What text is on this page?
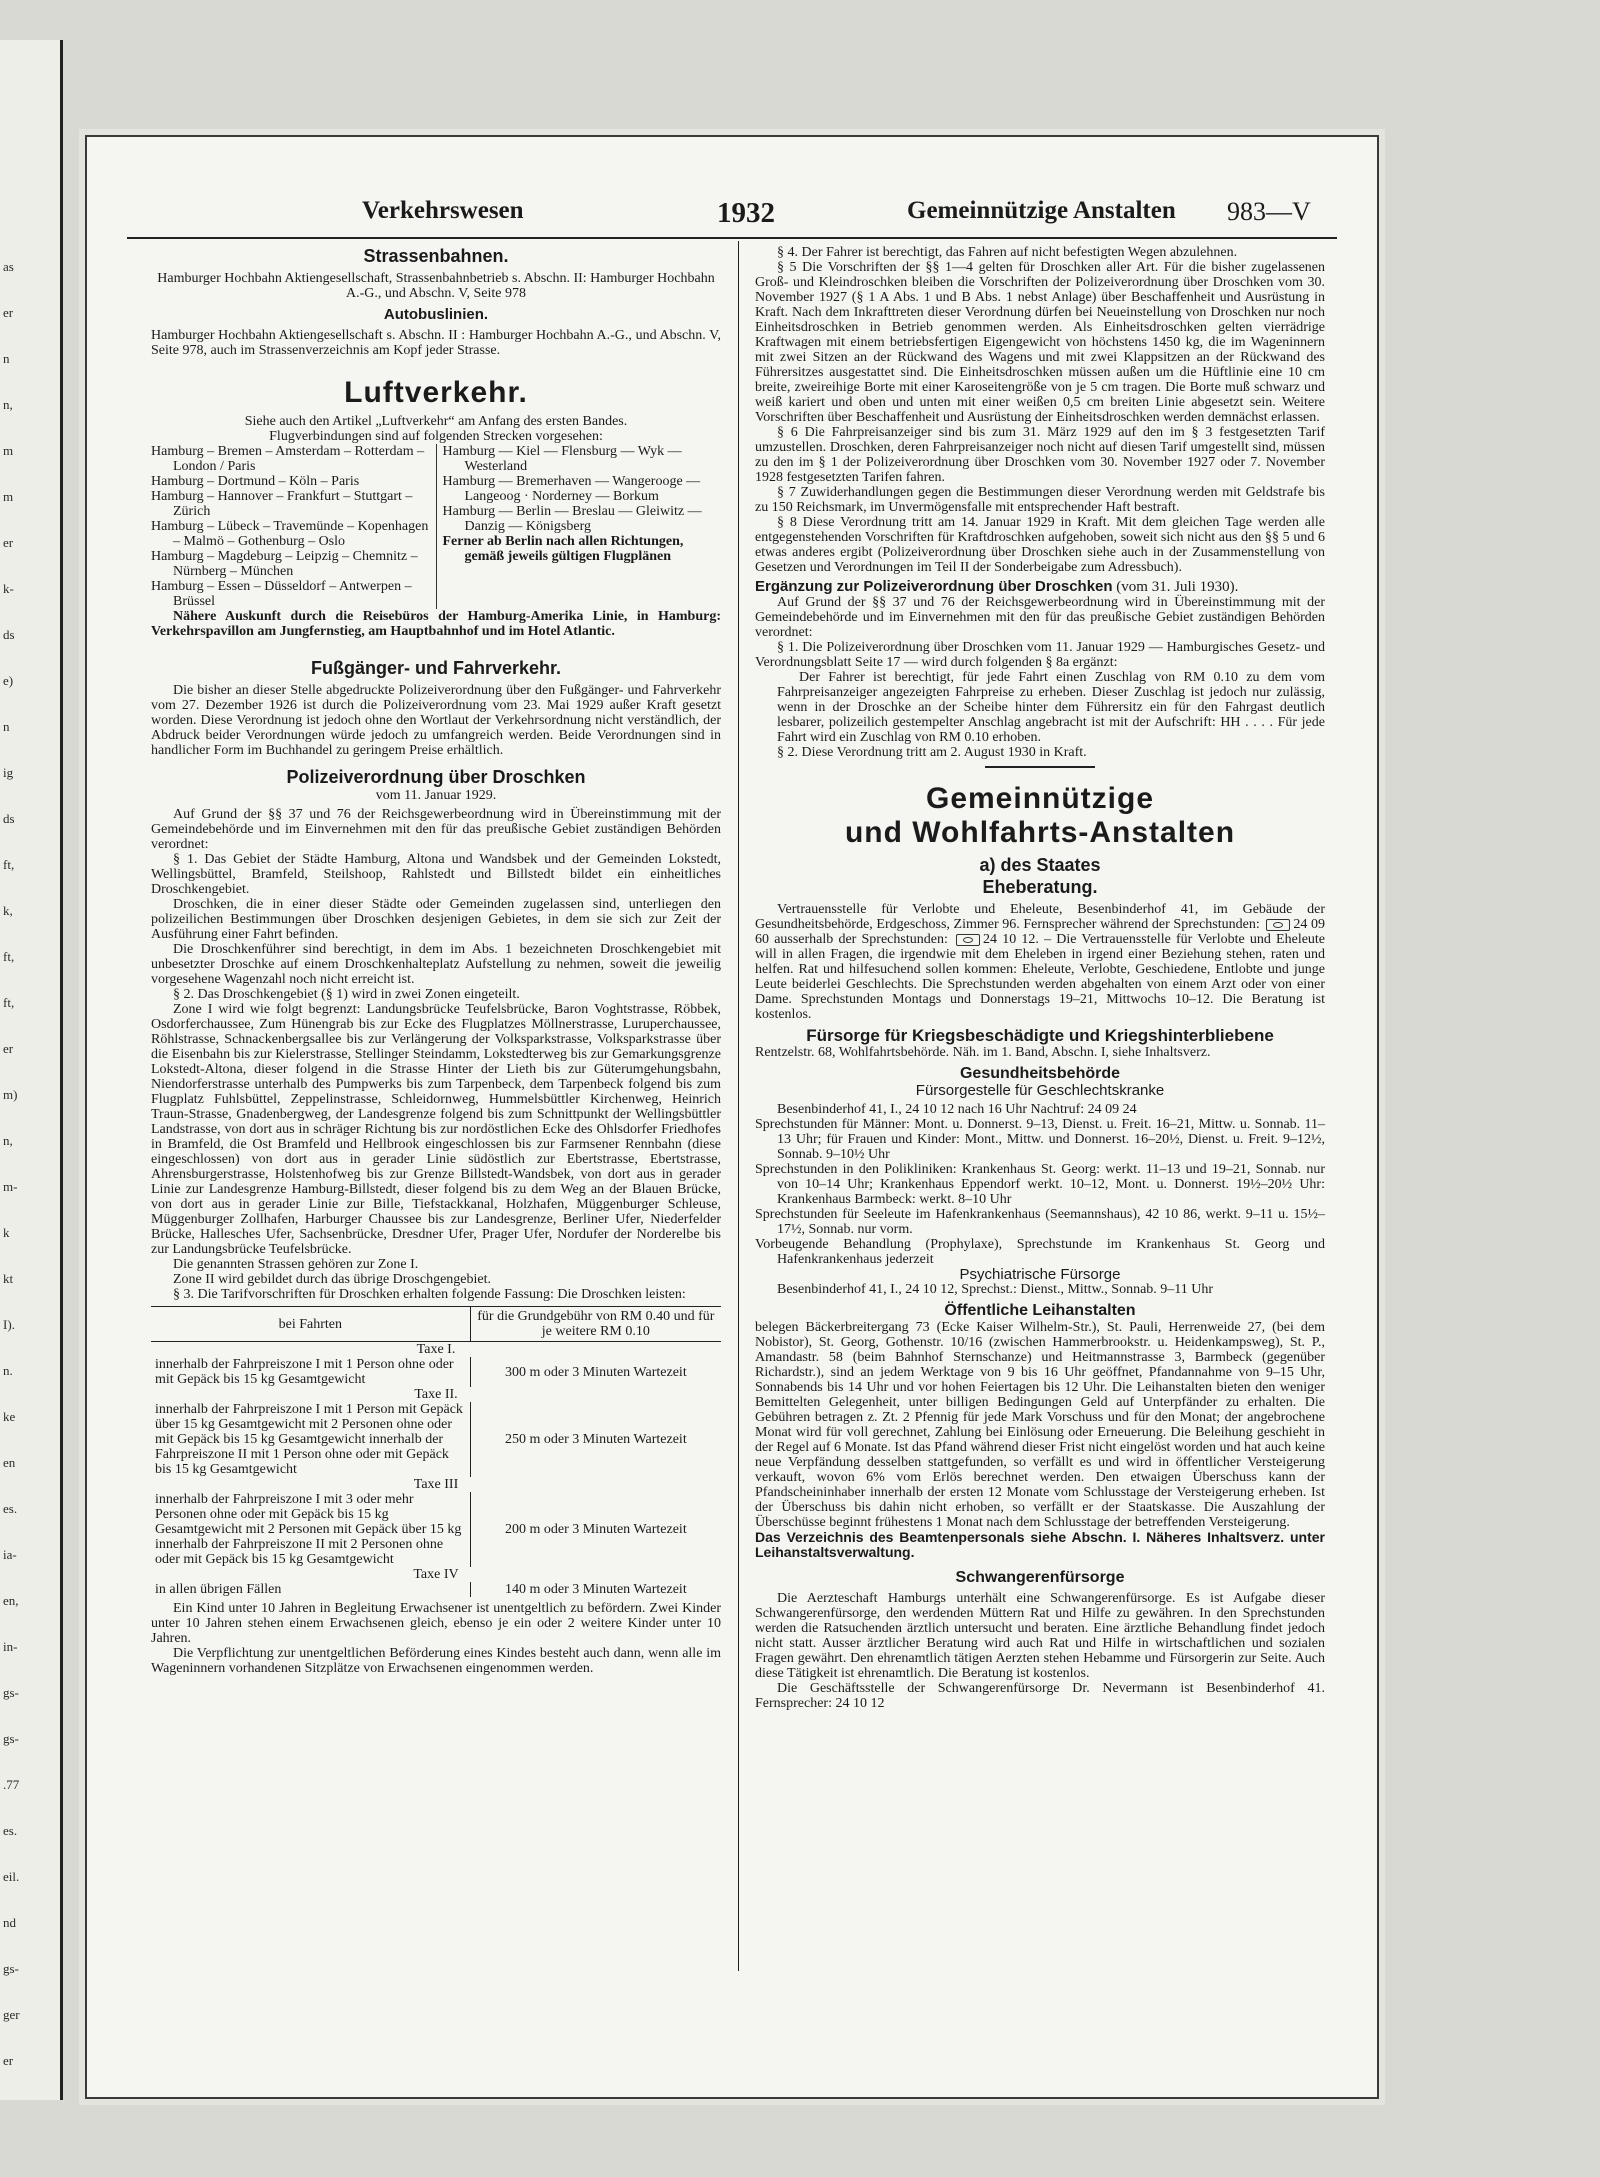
as
er
n
n,
m
m
er
k-
ds
e)
n
ig
ds
ft,
k,
ft,
ft,
er
m)
n,
m-
k
kt
I).
n.
ke
en
es.
ia-
en,
in-
gs-
gs-
.77
es.
eil.
nd
gs-
ger
er
Verkehrswesen	1932	Gemeinnützige Anstalten 983—V
Strassenbahnen.
Hamburger Hochbahn Aktiengesellschaft, Strassenbahnbetrieb s. Abschn. II: Hamburger Hochbahn A.-G., und Abschn. V, Seite 978
Autobuslinien.
Hamburger Hochbahn Aktiengesellschaft s. Abschn. II : Hamburger Hochbahn A.-G., und Abschn. V, Seite 978, auch im Strassenverzeichnis am Kopf jeder Strasse.
Luftverkehr.
Siehe auch den Artikel „Luftverkehr“ am Anfang des ersten Bandes.
Flugverbindungen sind auf folgenden Strecken vorgesehen:
Hamburg – Bremen – Amsterdam – Rotterdam – London / Paris
Hamburg – Dortmund – Köln – Paris
Hamburg – Hannover – Frankfurt – Stuttgart – Zürich
Hamburg – Lübeck – Travemünde – Kopenhagen – Malmö – Gothenburg – Oslo
Hamburg – Magdeburg – Leipzig – Chemnitz – Nürnberg – München
Hamburg – Essen – Düsseldorf – Antwerpen – Brüssel
Hamburg — Kiel — Flensburg — Wyk — Westerland
Hamburg — Bremerhaven — Wangerooge — Langeoog · Norderney — Borkum
Hamburg — Berlin — Breslau — Gleiwitz — Danzig — Königsberg
Ferner ab Berlin nach allen Richtungen, gemäß jeweils gültigen Flugplänen
Nähere Auskunft durch die Reisebüros der Hamburg-Amerika Linie, in Hamburg: Verkehrspavillon am Jungfernstieg, am Hauptbahnhof und im Hotel Atlantic.
Fußgänger- und Fahrverkehr.
Die bisher an dieser Stelle abgedruckte Polizeiverordnung über den Fußgänger- und Fahrverkehr vom 27. Dezember 1926 ist durch die Polizeiverordnung vom 23. Mai 1929 außer Kraft gesetzt worden. Diese Verordnung ist jedoch ohne den Wortlaut der Verkehrsordnung nicht verständlich, der Abdruck beider Verordnungen würde jedoch zu umfangreich werden. Beide Verordnungen sind in handlicher Form im Buchhandel zu geringem Preise erhältlich.
Polizeiverordnung über Droschken
vom 11. Januar 1929.
Auf Grund der §§ 37 und 76 der Reichsgewerbeordnung wird in Übereinstimmung mit der Gemeindebehörde und im Einvernehmen mit den für das preußische Gebiet zuständigen Behörden verordnet:
§ 1. Das Gebiet der Städte Hamburg, Altona und Wandsbek und der Gemeinden Lokstedt, Wellingsbüttel, Bramfeld, Steilshoop, Rahlstedt und Billstedt bildet ein einheitliches Droschkengebiet.
Droschken, die in einer dieser Städte oder Gemeinden zugelassen sind, unterliegen den polizeilichen Bestimmungen über Droschken desjenigen Gebietes, in dem sie sich zur Zeit der Ausführung einer Fahrt befinden.
Die Droschkenführer sind berechtigt, in dem im Abs. 1 bezeichneten Droschkengebiet mit unbesetzter Droschke auf einem Droschkenhalteplatz Aufstellung zu nehmen, soweit die jeweilig vorgesehene Wagenzahl noch nicht erreicht ist.
§ 2. Das Droschkengebiet (§ 1) wird in zwei Zonen eingeteilt.
Zone I wird wie folgt begrenzt: Landungsbrücke Teufelsbrücke, Baron Voghtstrasse, Röbbek, Osdorferchaussee, Zum Hünengrab bis zur Ecke des Flugplatzes Möllnerstrasse, Luruperchaussee, Röhlstrasse, Schnackenbergsallee bis zur Verlängerung der Volksparkstrasse, Volksparkstrasse über die Eisenbahn bis zur Kielerstrasse, Stellinger Steindamm, Lokstedterweg bis zur Gemarkungsgrenze Lokstedt-Altona, dieser folgend in die Strasse Hinter der Lieth bis zur Güterumgehungsbahn, Niendorferstrasse unterhalb des Pumpwerks bis zum Tarpenbeck, dem Tarpenbeck folgend bis zum Flugplatz Fuhlsbüttel, Zeppelinstrasse, Schleidornweg, Hummelsbüttler Kirchenweg, Heinrich Traun-Strasse, Gnadenbergweg, der Landesgrenze folgend bis zum Schnittpunkt der Wellingsbüttler Landstrasse, von dort aus in schräger Richtung bis zur nordöstlichen Ecke des Ohlsdorfer Friedhofes in Bramfeld, die Ost Bramfeld und Hellbrook eingeschlossen bis zur Farmsener Rennbahn (diese eingeschlossen) von dort aus in gerader Linie südöstlich zur Ebertstrasse, Ebertstrasse, Ahrensburgerstrasse, Holstenhofweg bis zur Grenze Billstedt-Wandsbek, von dort aus in gerader Linie zur Landesgrenze Hamburg-Billstedt, dieser folgend bis zu dem Weg an der Blauen Brücke, von dort aus in gerader Linie zur Bille, Tiefstackkanal, Holzhafen, Müggenburger Schleuse, Müggenburger Zollhafen, Harburger Chaussee bis zur Landesgrenze, Berliner Ufer, Niederfelder Brücke, Hallesches Ufer, Sachsenbrücke, Dresdner Ufer, Prager Ufer, Nordufer der Norderelbe bis zur Landungsbrücke Teufelsbrücke.
Die genannten Strassen gehören zur Zone I.
Zone II wird gebildet durch das übrige Droschgengebiet.
§ 3. Die Tarifvorschriften für Droschken erhalten folgende Fassung: Die Droschken leisten:
bei Fahrten	für die Grundgebühr von RM 0.40 und für je weitere RM 0.10
Taxe I.	
innerhalb der Fahrpreiszone I mit 1 Person ohne oder mit Gepäck bis 15 kg Gesamtgewicht	300 m oder 3 Minuten Wartezeit
Taxe II.	
innerhalb der Fahrpreiszone I mit 1 Person mit Gepäck über 15 kg Gesamtgewicht mit 2 Personen ohne oder mit Gepäck bis 15 kg Gesamtgewicht innerhalb der Fahrpreiszone II mit 1 Person ohne oder mit Gepäck bis 15 kg Gesamtgewicht	250 m oder 3 Minuten Wartezeit
Taxe III	
innerhalb der Fahrpreiszone I mit 3 oder mehr Personen ohne oder mit Gepäck bis 15 kg Gesamtgewicht mit 2 Personen mit Gepäck über 15 kg innerhalb der Fahrpreiszone II mit 2 Personen ohne oder mit Gepäck bis 15 kg Gesamtgewicht	200 m oder 3 Minuten Wartezeit
Taxe IV	
in allen übrigen Fällen	140 m oder 3 Minuten Wartezeit
Ein Kind unter 10 Jahren in Begleitung Erwachsener ist unentgeltlich zu befördern. Zwei Kinder unter 10 Jahren stehen einem Erwachsenen gleich, ebenso je ein oder 2 weitere Kinder unter 10 Jahren.
Die Verpflichtung zur unentgeltlichen Beförderung eines Kindes besteht auch dann, wenn alle im Wageninnern vorhandenen Sitzplätze von Erwachsenen eingenommen werden.
§ 4. Der Fahrer ist berechtigt, das Fahren auf nicht befestigten Wegen abzulehnen.
§ 5 Die Vorschriften der §§ 1—4 gelten für Droschken aller Art. Für die bisher zugelassenen Groß- und Kleindroschken bleiben die Vorschriften der Polizeiverordnung über Droschken vom 30. November 1927 (§ 1 A Abs. 1 und B Abs. 1 nebst Anlage) über Beschaffenheit und Ausrüstung in Kraft. Nach dem Inkrafttreten dieser Verordnung dürfen bei Neueinstellung von Droschken nur noch Einheitsdroschken in Betrieb genommen werden. Als Einheitsdroschken gelten vierrädrige Kraftwagen mit einem betriebsfertigen Eigengewicht von höchstens 1450 kg, die im Wageninnern mit zwei Sitzen an der Rückwand des Wagens und mit zwei Klappsitzen an der Rückwand des Führersitzes ausgestattet sind. Die Einheitsdroschken müssen außen um die Hüftlinie eine 10 cm breite, zweireihige Borte mit einer Karoseitengröße von je 5 cm tragen. Die Borte muß schwarz und weiß kariert und oben und unten mit einer weißen 0,5 cm breiten Linie abgesetzt sein. Weitere Vorschriften über Beschaffenheit und Ausrüstung der Einheitsdroschken werden demnächst erlassen.
§ 6 Die Fahrpreisanzeiger sind bis zum 31. März 1929 auf den im § 3 festgesetzten Tarif umzustellen. Droschken, deren Fahrpreisanzeiger noch nicht auf diesen Tarif umgestellt sind, müssen zu den im § 1 der Polizeiverordnung über Droschken vom 30. November 1927 oder 7. November 1928 festgesetzten Tarifen fahren.
§ 7 Zuwiderhandlungen gegen die Bestimmungen dieser Verordnung werden mit Geldstrafe bis zu 150 Reichsmark, im Unvermögensfalle mit entsprechender Haft bestraft.
§ 8 Diese Verordnung tritt am 14. Januar 1929 in Kraft. Mit dem gleichen Tage werden alle entgegenstehenden Vorschriften für Kraftdroschken aufgehoben, soweit sich nicht aus den §§ 5 und 6 etwas anderes ergibt (Polizeiverordnung über Droschken siehe auch in der Zusammenstellung von Gesetzen und Verordnungen im Teil II der Sonderbeigabe zum Adressbuch).
Ergänzung zur Polizeiverordnung über Droschken (vom 31. Juli 1930).
Auf Grund der §§ 37 und 76 der Reichsgewerbeordnung wird in Übereinstimmung mit der Gemeindebehörde und im Einvernehmen mit den für das preußische Gebiet zuständigen Behörden verordnet:
§ 1. Die Polizeiverordnung über Droschken vom 11. Januar 1929 — Hamburgisches Gesetz- und Verordnungsblatt Seite 17 — wird durch folgenden § 8a ergänzt:
Der Fahrer ist berechtigt, für jede Fahrt einen Zuschlag von RM 0.10 zu dem vom Fahrpreisanzeiger angezeigten Fahrpreise zu erheben. Dieser Zuschlag ist jedoch nur zulässig, wenn in der Droschke an der Scheibe hinter dem Führersitz ein für den Fahrgast deutlich lesbarer, polizeilich gestempelter Anschlag angebracht ist mit der Aufschrift: HH . . . . Für jede Fahrt wird ein Zuschlag von RM 0.10 erhoben.
§ 2. Diese Verordnung tritt am 2. August 1930 in Kraft.
Gemeinnützige
und Wohlfahrts-Anstalten
a) des Staates
Eheberatung.
Vertrauensstelle für Verlobte und Eheleute, Besenbinderhof 41, im Gebäude der Gesundheitsbehörde, Erdgeschoss, Zimmer 96. Fernsprecher während der Sprechstunden: 24 09 60 ausserhalb der Sprechstunden:	24 10 12. – Die Vertrauensstelle für Verlobte und Eheleute will in allen Fragen, die irgendwie mit dem Eheleben in irgend einer Beziehung stehen, raten und helfen. Rat und hilfesuchend sollen kommen: Eheleute, Verlobte, Geschiedene, Entlobte und junge Leute beiderlei Geschlechts. Die Sprechstunden werden abgehalten von einem Arzt oder von einer Dame. Sprechstunden Montags und Donnerstags 19–21, Mittwochs 10–12. Die Beratung ist kostenlos.
Fürsorge für Kriegsbeschädigte und Kriegshinterbliebene
Rentzelstr. 68, Wohlfahrtsbehörde. Näh. im 1. Band, Abschn. I, siehe Inhaltsverz.
Gesundheitsbehörde
Fürsorgestelle für Geschlechtskranke
Besenbinderhof 41, I., 24 10 12 nach 16 Uhr Nachtruf: 24 09 24
Sprechstunden für Männer: Mont. u. Donnerst. 9–13, Dienst. u. Freit. 16–21, Mittw. u. Sonnab. 11–13 Uhr; für Frauen und Kinder: Mont., Mittw. und Donnerst. 16–20½, Dienst. u. Freit. 9–12½, Sonnab. 9–10½ Uhr
Sprechstunden in den Polikliniken: Krankenhaus St. Georg: werkt. 11–13 und 19–21, Sonnab. nur von 10–14 Uhr; Krankenhaus Eppendorf werkt. 10–12, Mont. u. Donnerst. 19½–20½ Uhr: Krankenhaus Barmbeck: werkt. 8–10 Uhr
Sprechstunden für Seeleute im Hafenkrankenhaus (Seemannshaus), 42 10 86, werkt. 9–11 u. 15½–17½, Sonnab. nur vorm.
Vorbeugende Behandlung (Prophylaxe), Sprechstunde im Krankenhaus St. Georg und Hafenkrankenhaus jederzeit
Psychiatrische Fürsorge
Besenbinderhof 41, I., 24 10 12, Sprechst.: Dienst., Mittw., Sonnab. 9–11 Uhr
Öffentliche Leihanstalten
belegen Bäckerbreitergang 73 (Ecke Kaiser Wilhelm-Str.), St. Pauli, Herrenweide 27, (bei dem Nobistor), St. Georg, Gothenstr. 10/16 (zwischen Hammerbrookstr. u. Heidenkampsweg), St. P., Amandastr. 58 (beim Bahnhof Sternschanze) und Heitmannstrasse 3, Barmbeck (gegenüber Richardstr.), sind an jedem Werktage von 9 bis 16 Uhr geöffnet, Pfandannahme von 9–15 Uhr, Sonnabends bis 14 Uhr und vor hohen Feiertagen bis 12 Uhr. Die Leihanstalten bieten den weniger Bemittelten Gelegenheit, unter billigen Bedingungen Geld auf Unterpfänder zu erhalten. Die Gebühren betragen z. Zt. 2 Pfennig für jede Mark Vorschuss und für den Monat; der angebrochene Monat wird für voll gerechnet, Zahlung bei Einlösung oder Erneuerung. Die Beleihung geschieht in der Regel auf 6 Monate. Ist das Pfand während dieser Frist nicht eingelöst worden und hat auch keine neue Verpfändung desselben stattgefunden, so verfällt es und wird in öffentlicher Versteigerung verkauft, wovon 6% vom Erlös berechnet werden. Den etwaigen Überschuss kann der Pfandscheininhaber innerhalb der ersten 12 Monate vom Schlusstage der Versteigerung erheben. Ist der Überschuss bis dahin nicht erhoben, so verfällt er der Staatskasse. Die Auszahlung der Überschüsse beginnt frühestens 1 Monat nach dem Schlusstage der betreffenden Versteigerung.
Das Verzeichnis des Beamtenpersonals siehe Abschn. I. Näheres Inhaltsverz. unter Leihanstaltsverwaltung.
Schwangerenfürsorge
Die Aerzteschaft Hamburgs unterhält eine Schwangerenfürsorge. Es ist Aufgabe dieser Schwangerenfürsorge, den werdenden Müttern Rat und Hilfe zu gewähren. In den Sprechstunden werden die Ratsuchenden ärztlich untersucht und beraten. Eine ärztliche Behandlung findet jedoch nicht statt. Ausser ärztlicher Beratung wird auch Rat und Hilfe in wirtschaftlichen und sozialen Fragen gewährt. Den ehrenamtlich tätigen Aerzten stehen Hebamme und Fürsorgerin zur Seite. Auch diese Tätigkeit ist ehrenamtlich. Die Beratung ist kostenlos.
Die Geschäftsstelle der Schwangerenfürsorge Dr. Nevermann ist Besenbinderhof 41. Fernsprecher: 24 10 12
